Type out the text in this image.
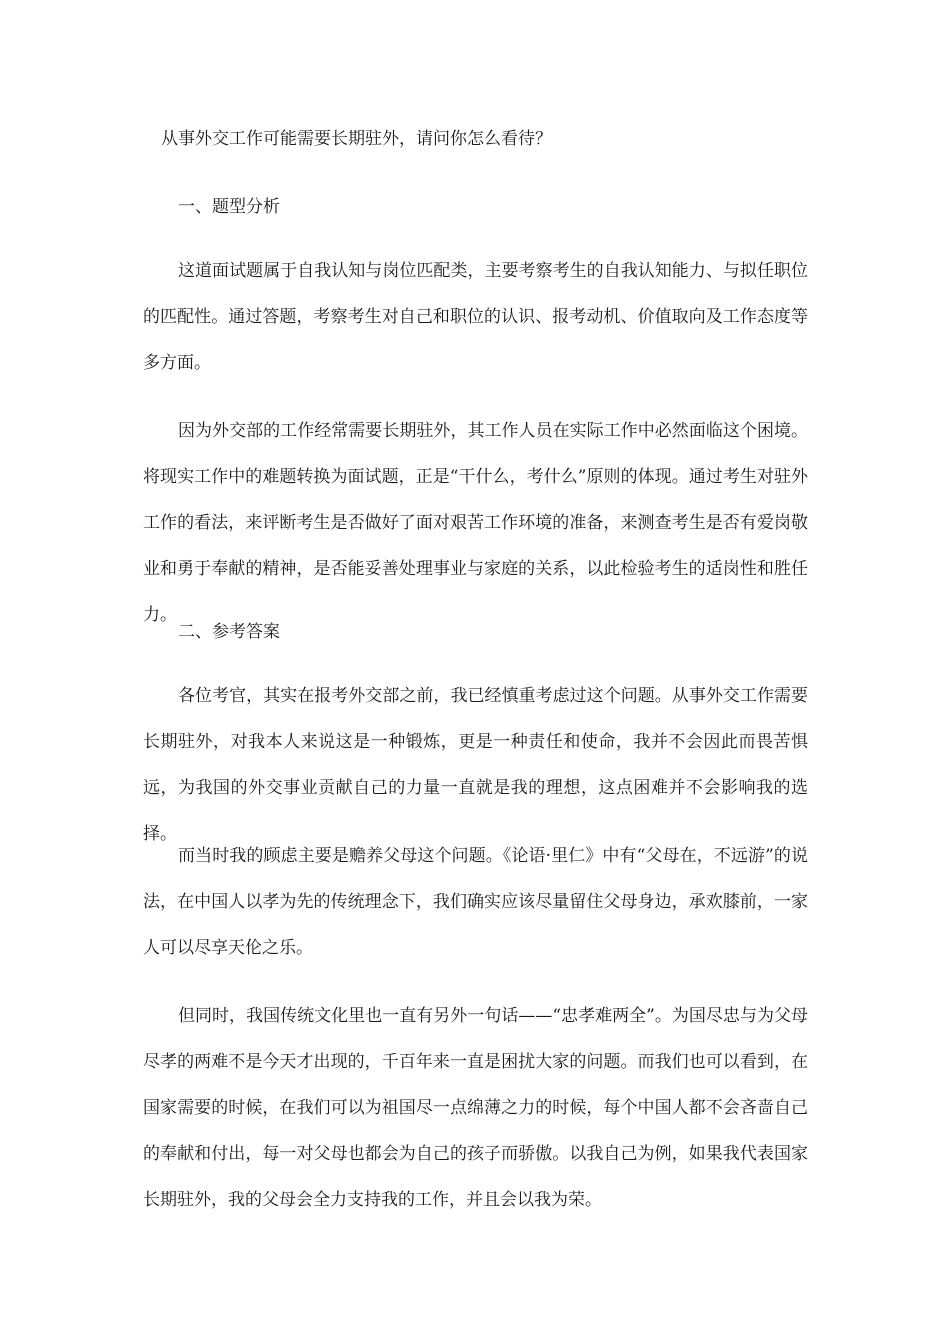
从事外交工作可能需要长期驻外，请问你怎么看待？

一、题型分析

这道面试题属于自我认知与岗位匹配类，主要考察考生的自我认知能力、与拟任职位的匹配性。通过答题，考察考生对自己和职位的认识、报考动机、价值取向及工作态度等多方面。

因为外交部的工作经常需要长期驻外，其工作人员在实际工作中必然面临这个困境。将现实工作中的难题转换为面试题，正是“干什么，考什么”原则的体现。通过考生对驻外工作的看法，来评断考生是否做好了面对艰苦工作环境的准备，来测查考生是否有爱岗敬业和勇于奉献的精神，是否能妥善处理事业与家庭的关系，以此检验考生的适岗性和胜任力。

二、参考答案

各位考官，其实在报考外交部之前，我已经慎重考虑过这个问题。从事外交工作需要长期驻外，对我本人来说这是一种锻炼，更是一种责任和使命，我并不会因此而畏苦惧远，为我国的外交事业贡献自己的力量一直就是我的理想，这点困难并不会影响我的选择。

而当时我的顾虑主要是赡养父母这个问题。《论语·里仁》中有“父母在，不远游”的说法，在中国人以孝为先的传统理念下，我们确实应该尽量留住父母身边，承欢膝前，一家人可以尽享天伦之乐。

但同时，我国传统文化里也一直有另外一句话——“忠孝难两全”。为国尽忠与为父母尽孝的两难不是今天才出现的，千百年来一直是困扰大家的问题。而我们也可以看到，在国家需要的时候，在我们可以为祖国尽一点绵薄之力的时候，每个中国人都不会吝啬自己的奉献和付出，每一对父母也都会为自己的孩子而骄傲。以我自己为例，如果我代表国家长期驻外，我的父母会全力支持我的工作，并且会以我为荣。
